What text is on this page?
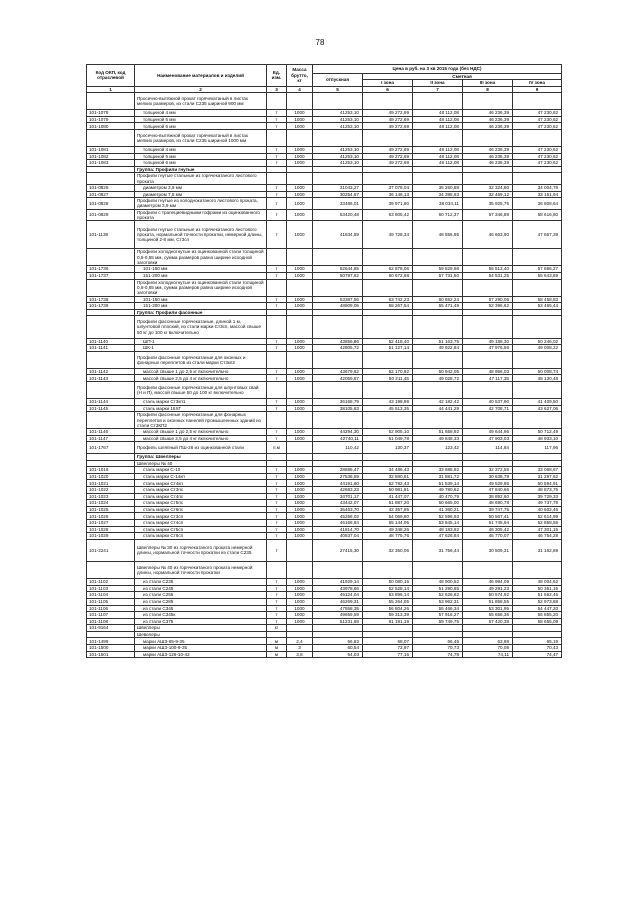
78
Код ОКП, код отраслевой	Наименование материалов и изделий	Ед. изм.	Масса брутто, кг	Цена в руб. на 3 кв 2015 года (без НДС)				
				отпускная	Сметная			
					I зона	II зона	III зона	IV зона
1	2	3	4	5	6	7	8	9
	Просечно-вытяжной прокат горячекатаный в листах мелких размеров, из стали С235 шириной 900 мм							
101-1078	толщиной 4 мм	т	1000	41253,10	49 272,69	48 112,08	46 236,39	47 230,62
101-1079	толщиной 5 мм	т	1000	41253,10	49 272,69	48 112,08	46 236,39	47 230,62
101-1080	толщиной 6 мм	т	1000	41253,10	49 272,69	48 112,08	46 236,39	47 230,62
	Просечно-вытяжной прокат горячекатаный в листах мелких размеров, из стали С235 шириной 1000 мм							
101-1081	толщиной 4 мм	т	1000	41253,10	49 272,69	48 112,08	46 236,39	47 230,62
101-1082	толщиной 5 мм	т	1000	41253,10	49 272,69	48 112,08	46 236,39	47 230,62
101-1083	толщиной 6 мм	т	1000	41253,10	49 272,69	48 112,08	46 236,39	47 230,62
	Группа: Профили гнутые							
	Профили гнутые стальные из горячекатаного листового проката							
101-0826	диаметром 3,9 мм	т	1000	31043,27	37 078,04	35 260,88	32 324,80	34 004,78
101-0827	диаметром 7,5 мм	т	1000	30254,67	36 148,13	34 395,63	32 469,12	33 151,94
101-0828	Профили гнутые из холоднокатаного листового проката, диаметром 3,9 мм	т	1000	33486,01	39 971,80	38 034,11	35 925,75	36 808,64
101-0829	Профили с трапециевидными гофрами из оцинкованного проката	т	1000	53420,48	63 805,42	60 712,37	57 346,89	58 616,80
101-1138	Профили гнутые стальные из горячекатаного листового проката, нормальной точности прокатки, немерной длины, толщиной 2-8 мм, Ст3сп	т	1000	41634,59	49 728,34	48 556,95	46 663,90	47 667,39
	Профили холодногнутые из оцинкованной стали толщиной 0,5-0,55 мм, сумма размеров равна ширине исходной заготовки							
101-1736	101-150 мм	т	1000	52644,85	62 878,06	59 829,98	56 513,40	57 866,27
101-1737	151-200 мм	т	1000	50797,62	60 672,68	57 731,50	54 531,25	55 643,69
	Профили холодногнутые из оцинкованной стали толщиной 0,6-0,65 мм, сумма размеров равна ширине исходной заготовки							
101-1738	101-150 мм	т	1000	53387,56	63 742,23	60 652,24	57 290,06	58 458,83
101-1739	151-200 мм	т	1000	48809,05	58 267,54	55 471,49	52 396,62	53 465,44
	Группа: Профили фасонные							
	Профили фасонные горячекатаные, длиной 1 м, шпунтовой плоский, из стали марки Ст3сп, массой свыше 50 кг до 100 кг включительно							
101-1140	ШП-1	т	1000	43856,86	52 418,40	51 163,75	49 188,30	50 246,02
101-1141	ШК-1	т	1000	42805,72	51 127,14	49 922,84	47 976,56	49 008,22
	Профили фасонные горячекатаные для оконных и фонарных переплетов из стали марки Ст3кп2							
101-1142	массой свыше 1 до 2,5 кг включительно	т	1000	43679,62	52 170,92	50 942,05	48 956,03	50 008,74
101-1143	массой свыше 2,5 до 4 кг включительно	т	1000	42059,67	50 211,45	49 028,72	47 117,35	48 130,48
	Профили фасонные горячекатаные для шпунтовых свай (Н и П), массой свыше 50 до 100 кг включительно							
101-1144	сталь марки Ст3кп1	т	1000	36168,79	43 198,99	42 182,42	40 537,90	41 409,50
101-1145	сталь марки 16ХГ	т	1000	38105,63	45 513,35	44 441,29	42 708,71	43 627,06
	Профили фасонные горячекатаные для фонарных переплетов и оконных панелей промышленных зданий из стали Ст3КП2							
101-1146	массой свыше 1 до 2,5 кг включительно	т	1000	44294,30	52 905,10	51 658,92	49 644,96	50 712,49
101-1147	массой свыше 2,5 до 4 кг включительно	т	1000	42740,11	51 049,78	49 848,33	47 903,03	48 933,10
101-1767	Профиль шляпный ПШ-26 из оцинкованной стали	п.м		110,42	130,37	123,42	114,84	117,96
	Группа: Швеллеры							
	Швеллеры № 40							
101-1016	сталь марки С-10	т	1000	28685,47	34 486,43	33 685,82	32 372,55	33 068,67
101-1020	сталь марки С-14кп	т	1000	27536,59	32 880,81	31 881,72	30 638,79	31 297,62
101-1021	сталь марки Ст4кп	т	1000	44191,60	52 782,43	51 539,14	49 529,85	50 594,91
101-1022	сталь марки Ст3пс	т	1000	42683,23	50 981,81	49 780,62	47 840,66	48 873,75
101-1023	сталь марки Ст4пс	т	1000	34701,17	41 447,07	40 470,79	38 892,60	39 729,33
101-1024	сталь марки Ст5пс	т	1000	43442,07	51 887,20	50 665,00	48 690,78	49 737,78
101-1025	сталь марки Ст6пс	т	1000	35463,70	42 357,85	41 360,21	39 747,75	40 602,46
101-1026	сталь марки Ст3сп	т	1000	45256,02	54 069,80	52 596,93	50 567,41	52 614,99
101-1027	сталь марки Ст4сп	т	1000	46166,84	55 144,05	53 845,14	51 745,94	52 858,55
101-1028	сталь марки Ст5сп	т	1000	41814,70	49 348,26	48 183,82	46 305,42	47 301,15
101-1029	сталь марки Ст6сп	т	1000	40837,04	48 775,76	47 626,84	45 770,07	46 754,28
101-2241	Швеллеры № 30 из горячекатаного проката немерной длины, нормальной точности прокатки из стали С235	т		27415,30	32 350,06	31 756,44	30 509,31	31 162,89
	Швеллеры № 40 из горячекатаного проката немерной длины, нормальной точности прокатки							
101-1102	из стали С235	т	1000	41929,14	50 080,15	48 900,52	46 994,09	48 004,62
101-1103	из стали С245	т	1000	43978,66	52 528,14	51 290,85	49 291,23	50 351,15
101-1104	из стали С255	т	1000	45124,04	53 896,14	52 626,62	50 574,92	51 662,45
101-1105	из стали С285	т	1000	46269,31	55 264,05	53 962,31	51 858,55	52 973,68
101-1106	из стали С345	т	1000	47558,35	56 804,26	55 466,34	53 301,95	54 447,20
101-1107	из стали С345к	т	1000	49659,59	59 313,39	57 916,27	55 658,36	56 855,20
101-1108	из стали С375	т	1000	51231,68	61 191,19	59 749,75	57 420,38	58 655,09
101-9164	Швеллеры	кг						
	Шевелеры							
101-1499	марки АШЗ-65-9-35	м	2,4	56,82	68,07	66,45	63,88	65,19
101-1500	марки АШЗ-100-9-35	м	3	60,54	72,97	70,73	70,08	70,43
101-1501	марки АШЗ-126-10-42	м	3,8	64,03	77,16	74,78	74,11	74,47
